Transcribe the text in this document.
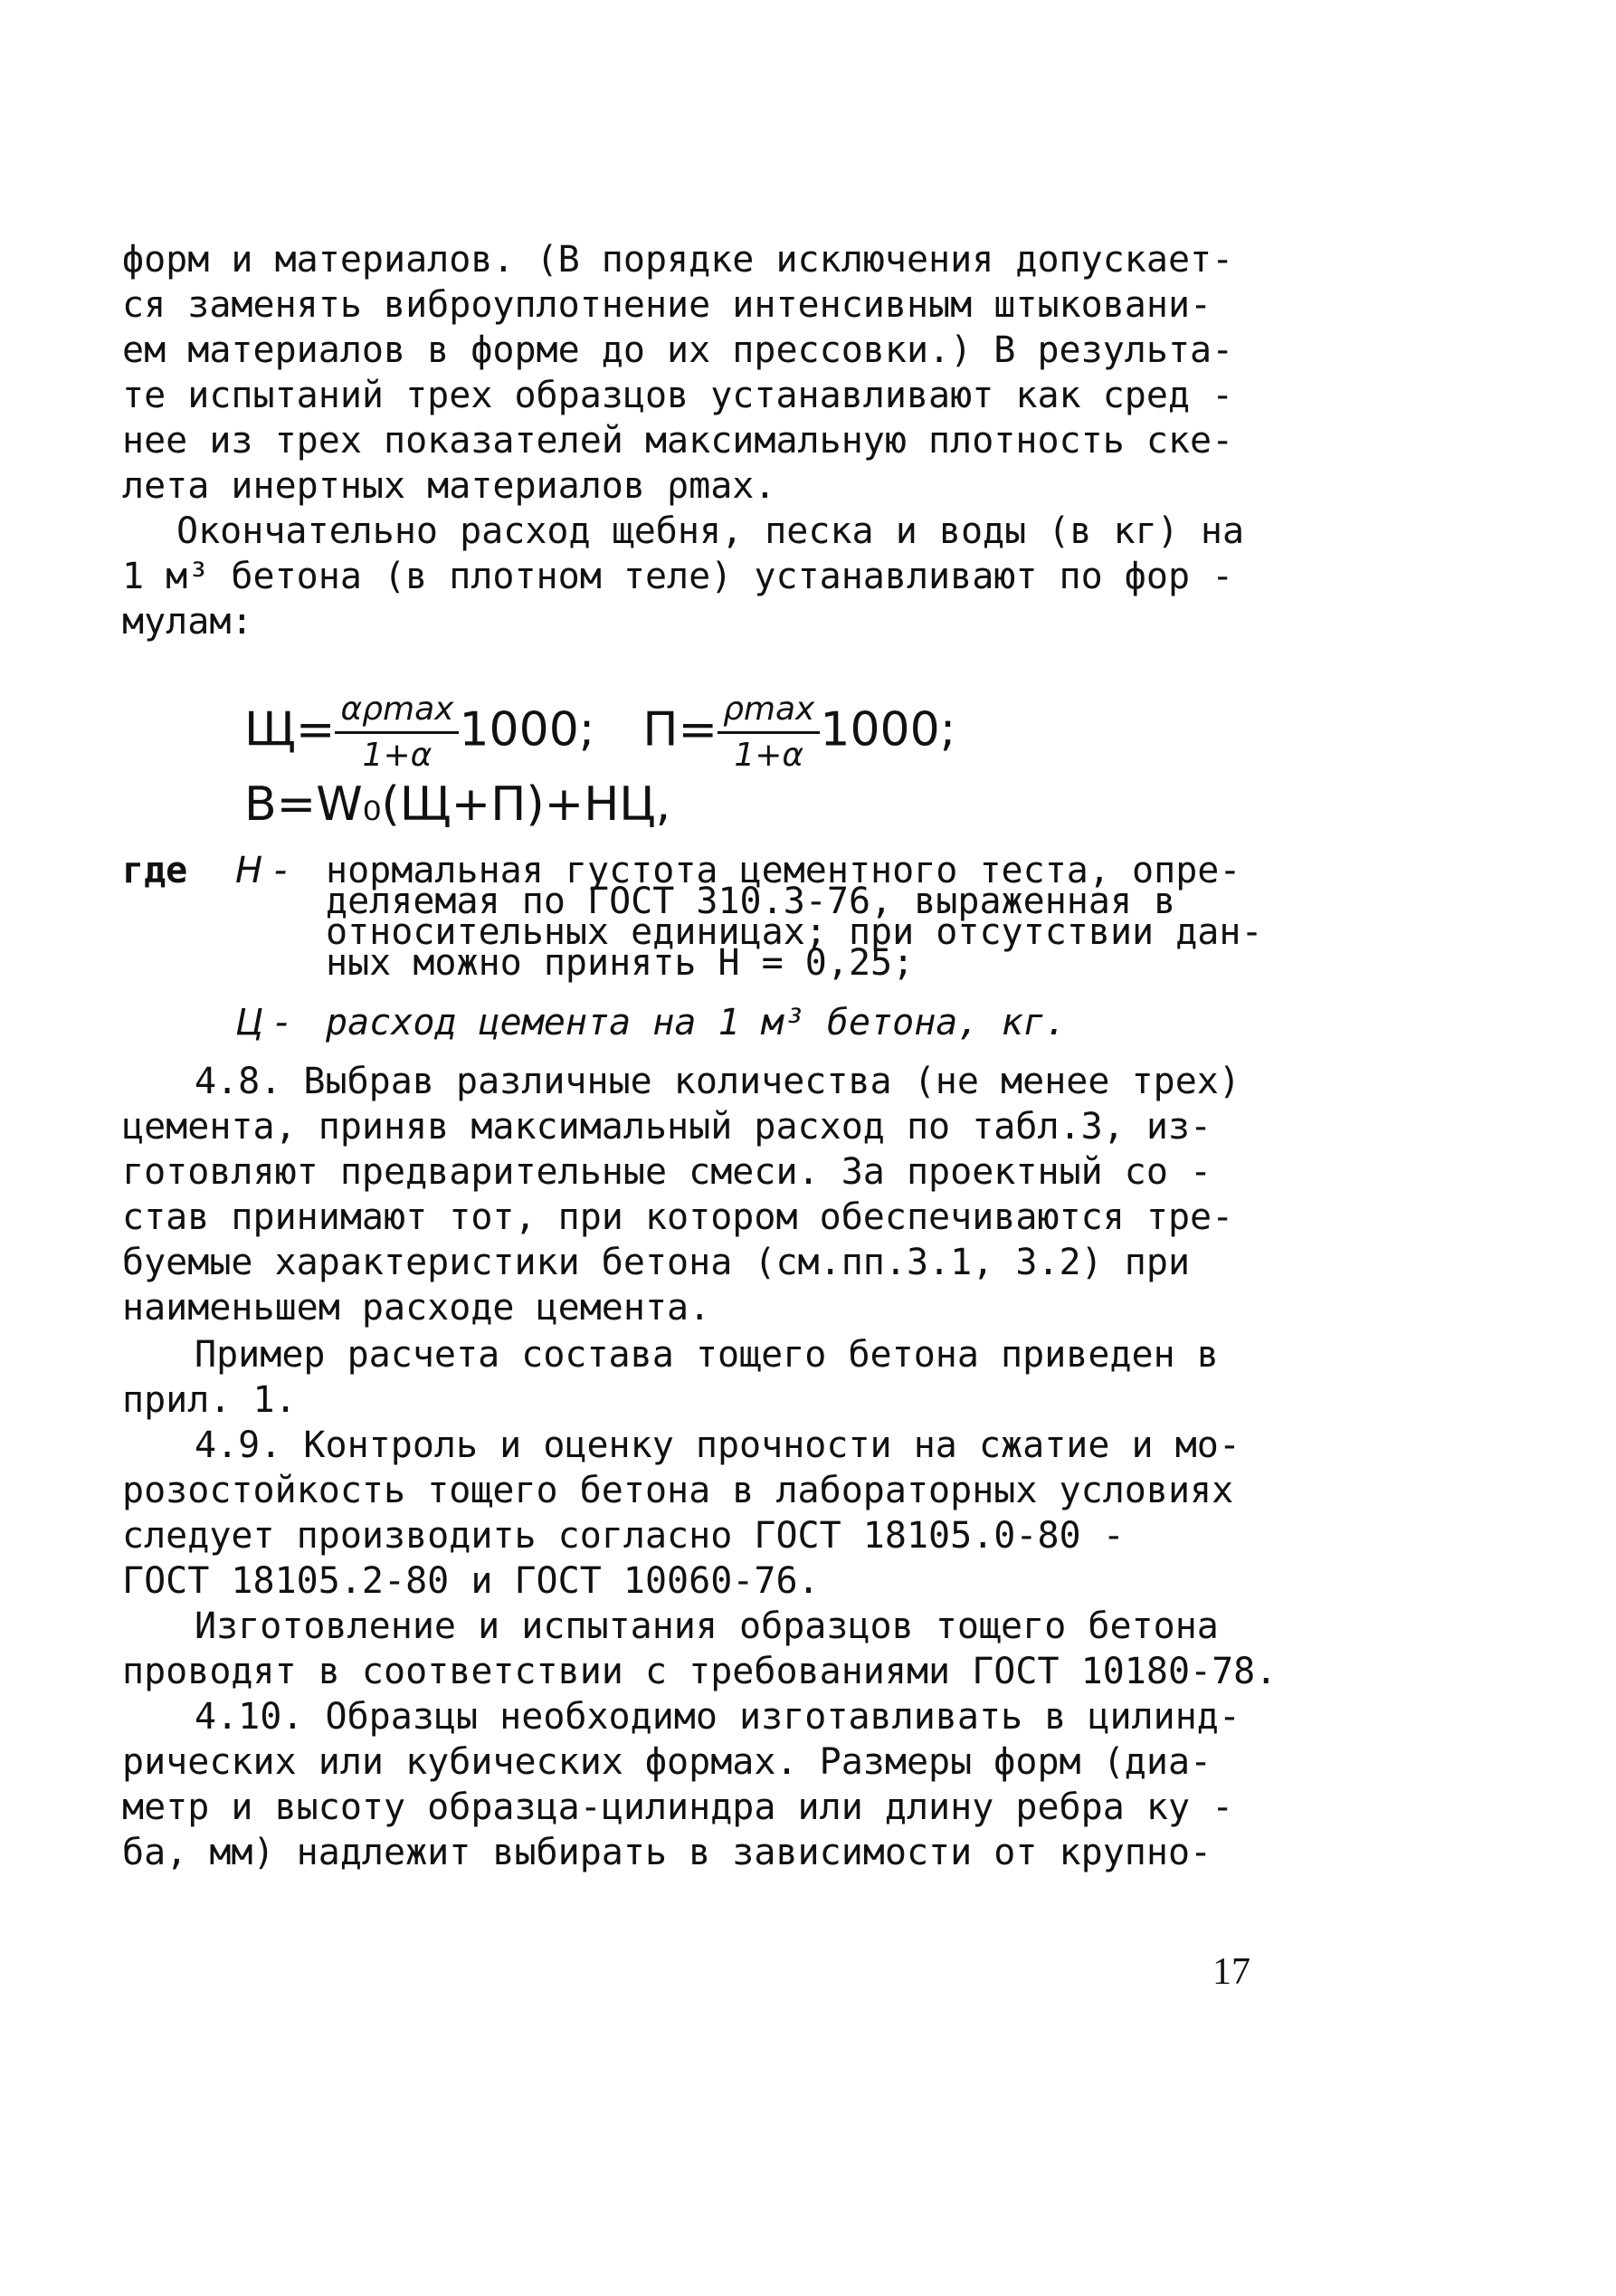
форм и материалов. (В порядке исключения допускает-
ся заменять виброуплотнение интенсивным штыковани-
ем материалов в форме до их прессовки.) В результа-
те испытаний трех образцов устанавливают как сред -
нее из трех показателей максимальную плотность ске-
лета инертных материалов ρmax.
Окончательно расход щебня, песка и воды (в кг) на
1 м³ бетона (в плотном теле) устанавливают по фор -
мулам:
$Щ= \frac{\alpha\rho\max}{1+\alpha} 1000$; $П= \frac{\rho\max}{1+\alpha} 1000$;  В=W₀(Щ+П)+НЦ,
где Н - нормальная густота цементного теста, опре-
деляемая по ГОСТ 310.3-76, выраженная в
относительных единицах; при отсутствии дан-
ных можно принять Н = 0,25;
Ц - расход цемента на 1 м³ бетона, кг.
4.8. Выбрав различные количества (не менее трех)
цемента, приняв максимальный расход по табл.3, из-
готовляют предварительные смеси. За проектный со -
став принимают тот, при котором обеспечиваются тре-
буемые характеристики бетона (см.пп.3.1, 3.2) при
наименьшем расходе цемента.
Пример расчета состава тощего бетона приведен в
прил. 1.
4.9. Контроль и оценку прочности на сжатие и мо-
розостойкость тощего бетона в лабораторных условиях
следует производить согласно ГОСТ 18105.0-80 -
ГОСТ 18105.2-80 и ГОСТ 10060-76.
Изготовление и испытания образцов тощего бетона
проводят в соответствии с требованиями ГОСТ 10180-78.
4.10. Образцы необходимо изготавливать в цилинд-
рических или кубических формах. Размеры форм (диа-
метр и высоту образца-цилиндра или длину ребра ку -
ба, мм) надлежит выбирать в зависимости от крупно-
17
